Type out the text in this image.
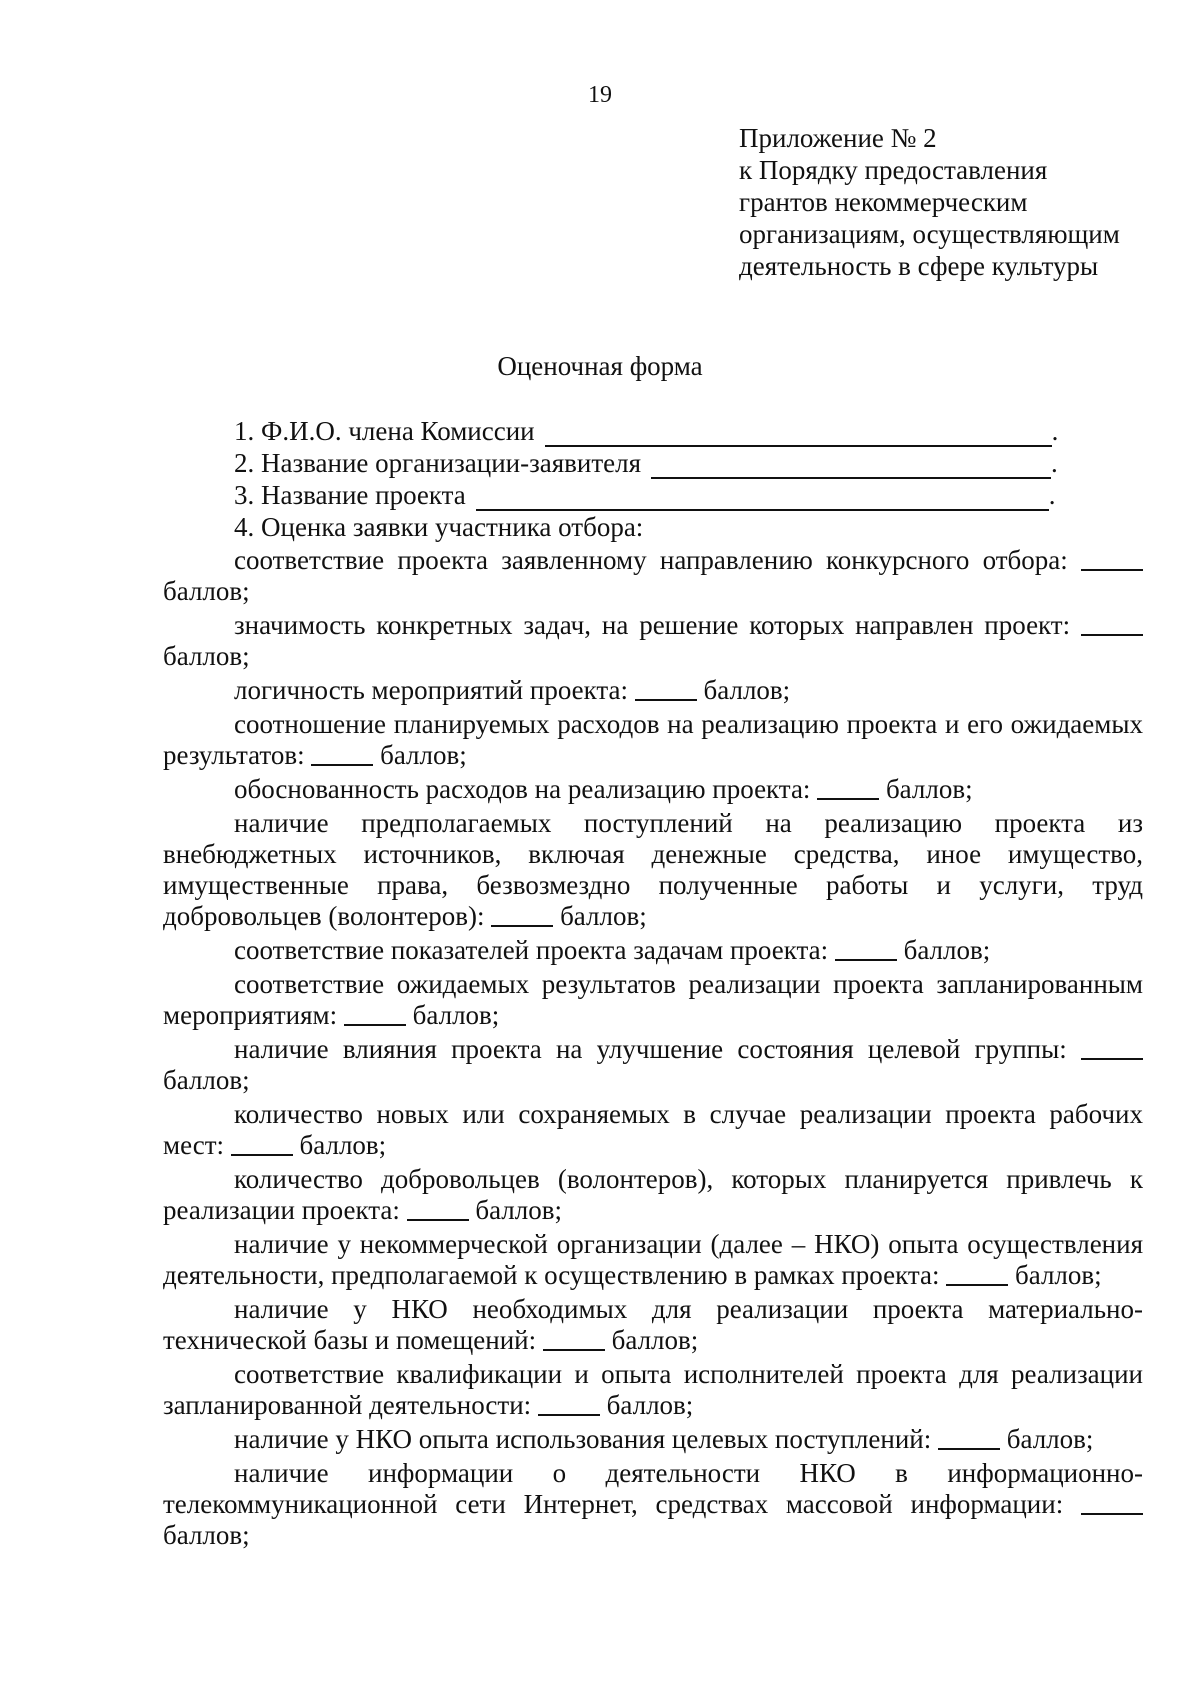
19
Приложение № 2
к Порядку предоставления
грантов некоммерческим
организациям, осуществляющим
деятельность в сфере культуры
Оценочная форма
1. Ф.И.О. члена Комиссии	.
2. Название организации-заявителя	.
3. Название проекта	.
4. Оценка заявки участника отбора:

соответствие проекта заявленному направлению конкурсного отбора:  баллов;

значимость конкретных задач, на решение которых направлен проект:  баллов;

логичность мероприятий проекта:	баллов;

соотношение планируемых расходов на реализацию проекта и его ожидаемых результатов:	баллов;

обоснованность расходов на реализацию проекта:	баллов;

наличие предполагаемых поступлений на реализацию проекта из внебюджетных источников, включая денежные средства, иное имущество, имущественные права, безвозмездно полученные работы и услуги, труд добровольцев (волонтеров):	баллов;

соответствие показателей проекта задачам проекта:	баллов;

соответствие ожидаемых результатов реализации проекта запланированным мероприятиям:	баллов;

наличие влияния проекта на улучшение состояния целевой группы:  баллов;

количество новых или сохраняемых в случае реализации проекта рабочих мест:	баллов;

количество добровольцев (волонтеров), которых планируется привлечь к реализации проекта:	баллов;

наличие у некоммерческой организации (далее – НКО) опыта осуществления деятельности, предполагаемой к осуществлению в рамках проекта:	баллов;

наличие у НКО необходимых для реализации проекта материально-технической базы и помещений:	баллов;

соответствие квалификации и опыта исполнителей проекта для реализации запланированной деятельности:	баллов;

наличие у НКО опыта использования целевых поступлений:	баллов;

наличие информации о деятельности НКО в информационно-телекоммуникационной сети Интернет, средствах массовой информации:  баллов;
